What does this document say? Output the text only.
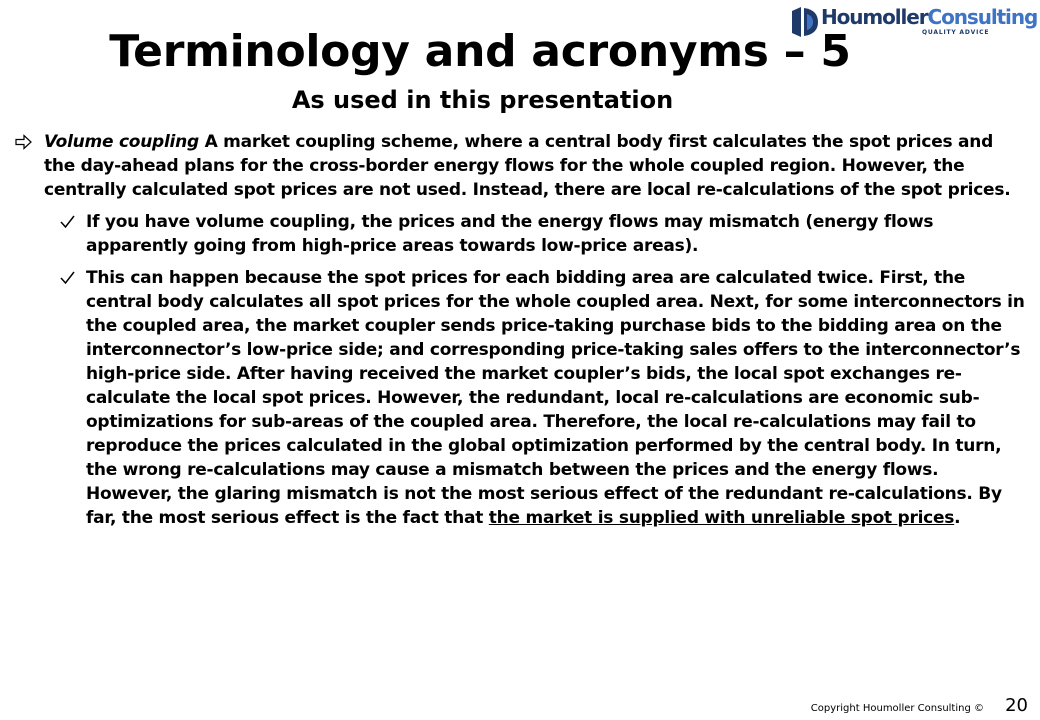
HoumollerConsulting
QUALITY ADVICE
Terminology and acronyms – 5
As used in this presentation
Volume coupling A market coupling scheme, where a central body first calculates the spot prices and the day-ahead plans for the cross-border energy flows for the whole coupled region. However, the centrally calculated spot prices are not used. Instead, there are local re-calculations of the spot prices.
If you have volume coupling, the prices and the energy flows may mismatch (energy flows apparently going from high-price areas towards low-price areas).
This can happen because the spot prices for each bidding area are calculated twice. First, the central body calculates all spot prices for the whole coupled area. Next, for some interconnectors in the coupled area, the market coupler sends price-taking purchase bids to the bidding area on the interconnector’s low-price side; and corresponding price-taking sales offers to the interconnector’s high-price side. After having received the market coupler’s bids, the local spot exchanges re-calculate the local spot prices. However, the redundant, local re-calculations are economic sub-optimizations for sub-areas of the coupled area. Therefore, the local re-calculations may fail to reproduce the prices calculated in the global optimization performed by the central body. In turn, the wrong re-calculations may cause a mismatch between the prices and the energy flows. However, the glaring mismatch is not the most serious effect of the redundant re-calculations. By far, the most serious effect is the fact that the market is supplied with unreliable spot prices.
Copyright Houmoller Consulting © 20
